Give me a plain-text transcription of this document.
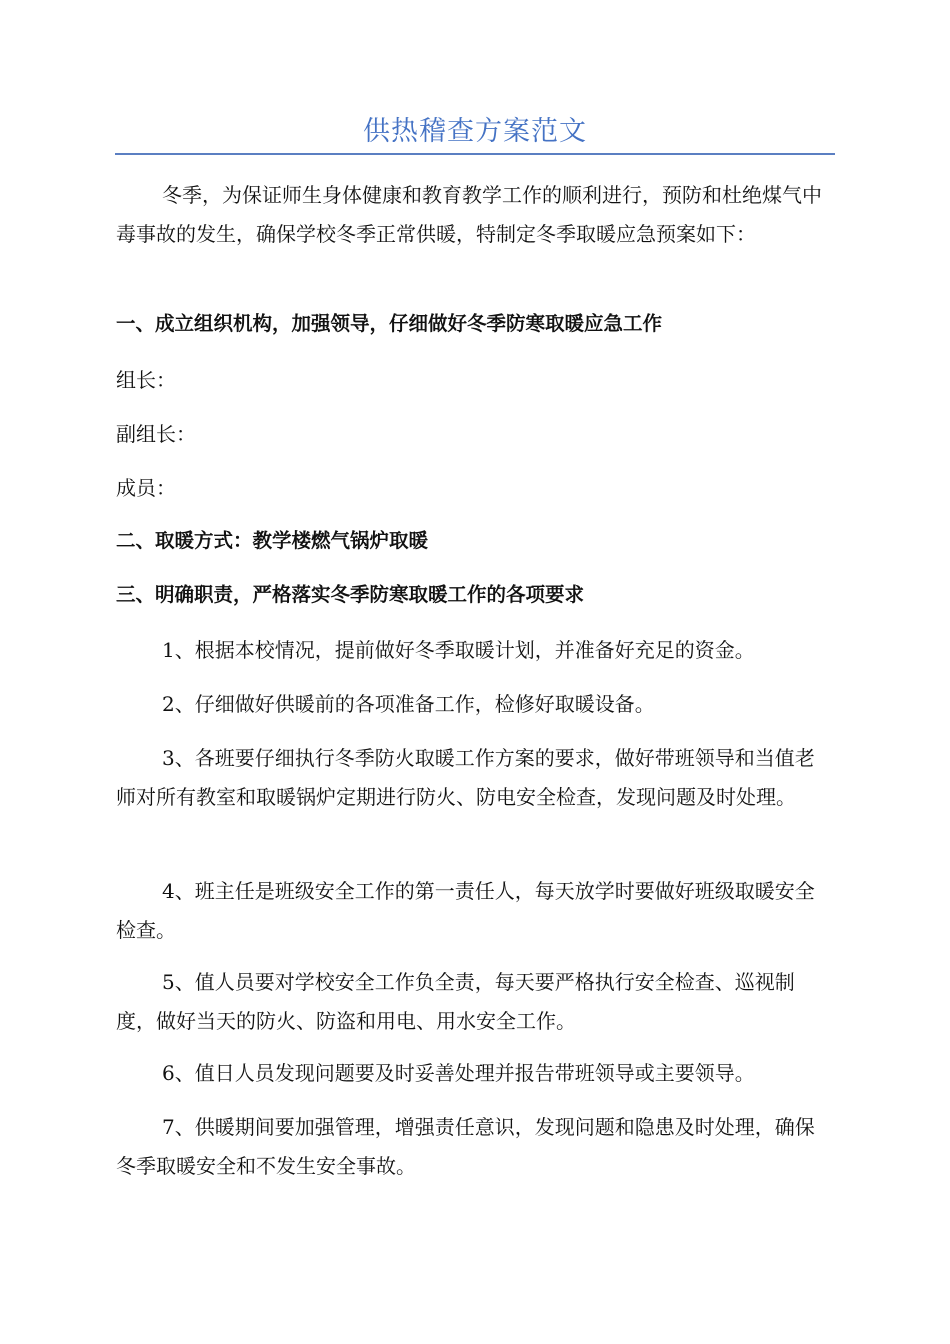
供热稽查方案范文
冬季，为保证师生身体健康和教育教学工作的顺利进行，预防和杜绝煤气中毒事故的发生，确保学校冬季正常供暖，特制定冬季取暖应急预案如下：
一、成立组织机构，加强领导，仔细做好冬季防寒取暖应急工作
组长：
副组长：
成员：
二、取暖方式：教学楼燃气锅炉取暖
三、明确职责，严格落实冬季防寒取暖工作的各项要求
1、根据本校情况，提前做好冬季取暖计划，并准备好充足的资金。
2、仔细做好供暖前的各项准备工作，检修好取暖设备。
3、各班要仔细执行冬季防火取暖工作方案的要求，做好带班领导和当值老师对所有教室和取暖锅炉定期进行防火、防电安全检查，发现问题及时处理。
4、班主任是班级安全工作的第一责任人，每天放学时要做好班级取暖安全检查。
5、值人员要对学校安全工作负全责，每天要严格执行安全检查、巡视制度，做好当天的防火、防盗和用电、用水安全工作。
6、值日人员发现问题要及时妥善处理并报告带班领导或主要领导。
7、供暖期间要加强管理，增强责任意识，发现问题和隐患及时处理，确保冬季取暖安全和不发生安全事故。
